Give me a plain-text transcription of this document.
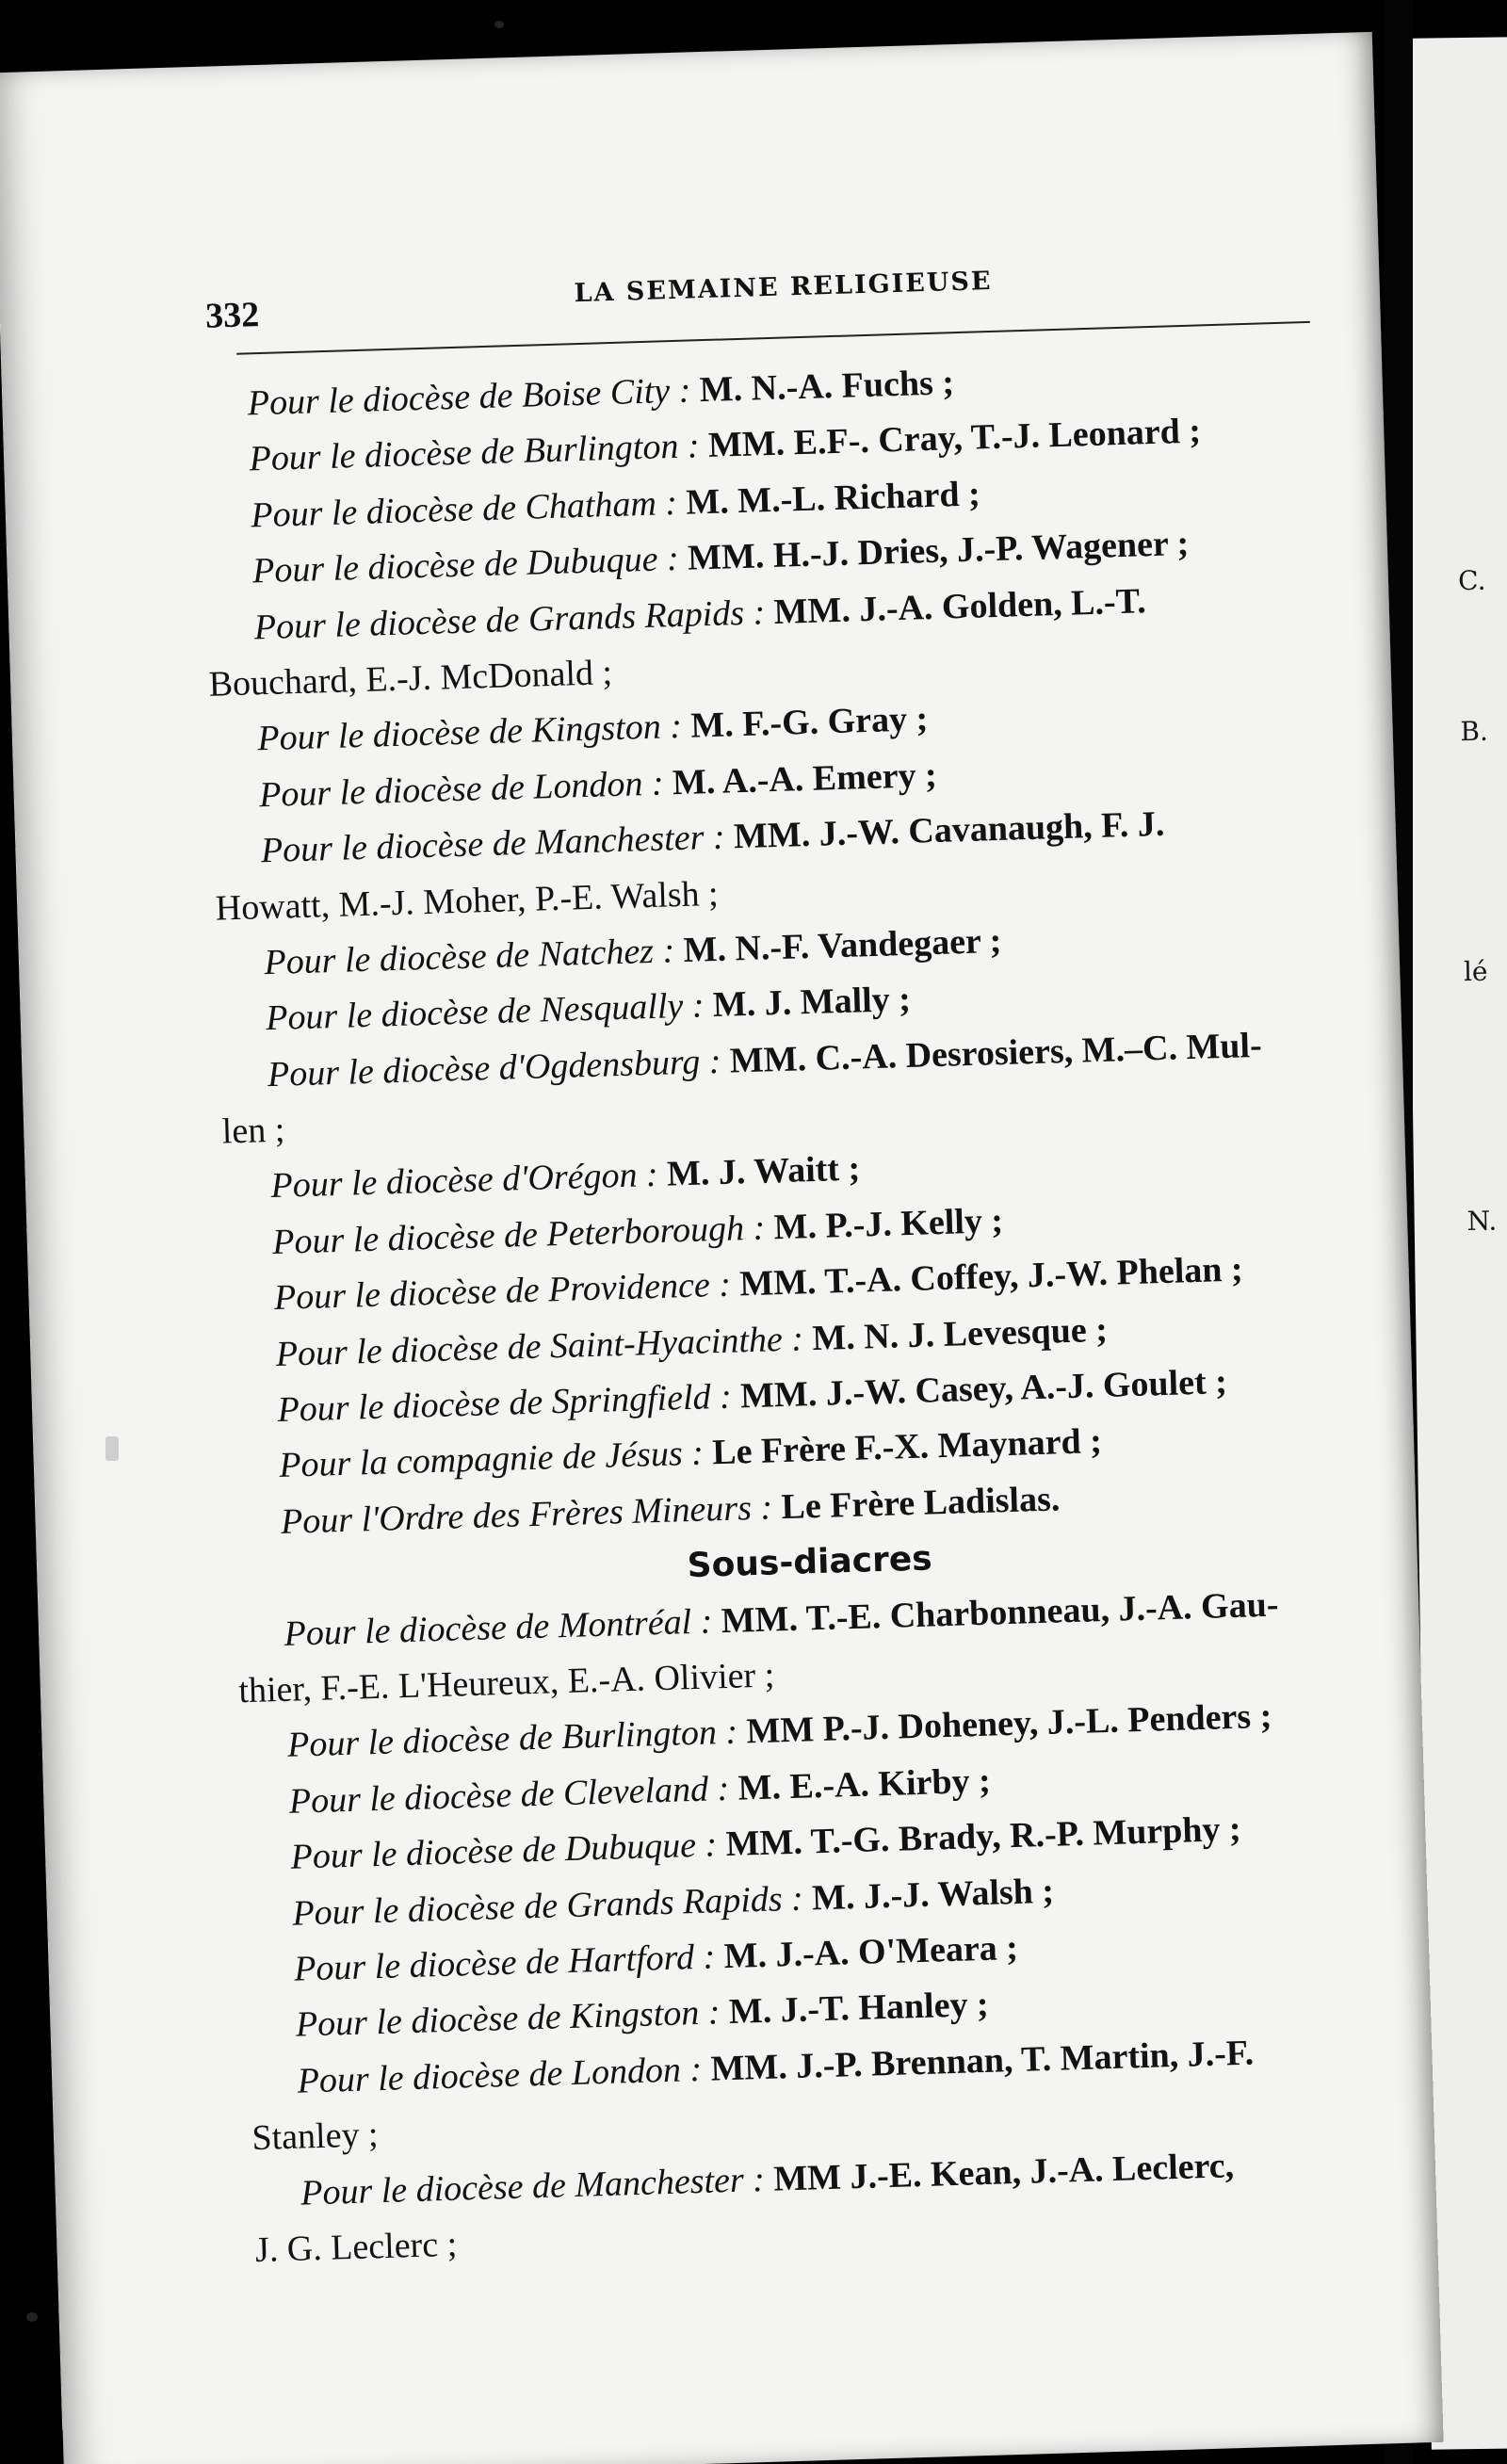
C.
B.
lé
N.
332
LA SEMAINE RELIGIEUSE
Pour le diocèse de Boise City : M. N.-A. Fuchs ;
Pour le diocèse de Burlington : MM. E.F-. Cray, T.-J. Leonard ;
Pour le diocèse de Chatham : M. M.-L. Richard ;
Pour le diocèse de Dubuque : MM. H.-J. Dries, J.-P. Wagener ;
Pour le diocèse de Grands Rapids : MM. J.-A. Golden, L.-T.
Bouchard, E.-J. McDonald ;
Pour le diocèse de Kingston : M. F.-G. Gray ;
Pour le diocèse de London : M. A.-A. Emery ;
Pour le diocèse de Manchester : MM. J.-W. Cavanaugh, F. J.
Howatt, M.-J. Moher, P.-E. Walsh ;
Pour le diocèse de Natchez : M. N.-F. Vandegaer ;
Pour le diocèse de Nesqually : M. J. Mally ;
Pour le diocèse d'Ogdensburg : MM. C.-A. Desrosiers, M.–C. Mul-
len ;
Pour le diocèse d'Orégon : M. J. Waitt ;
Pour le diocèse de Peterborough : M. P.-J. Kelly ;
Pour le diocèse de Providence : MM. T.-A. Coffey, J.-W. Phelan ;
Pour le diocèse de Saint-Hyacinthe : M. N. J. Levesque ;
Pour le diocèse de Springfield : MM. J.-W. Casey, A.-J. Goulet ;
Pour la compagnie de Jésus : Le Frère F.-X. Maynard ;
Pour l'Ordre des Frères Mineurs : Le Frère Ladislas.
Sous-diacres
Pour le diocèse de Montréal : MM. T.-E. Charbonneau, J.-A. Gau-
thier, F.-E. L'Heureux, E.-A. Olivier ;
Pour le diocèse de Burlington : MM P.-J. Doheney, J.-L. Penders ;
Pour le diocèse de Cleveland : M. E.-A. Kirby ;
Pour le diocèse de Dubuque : MM. T.-G. Brady, R.-P. Murphy ;
Pour le diocèse de Grands Rapids : M. J.-J. Walsh ;
Pour le diocèse de Hartford : M. J.-A. O'Meara ;
Pour le diocèse de Kingston : M. J.-T. Hanley ;
Pour le diocèse de London : MM. J.-P. Brennan, T. Martin, J.-F.
Stanley ;
Pour le diocèse de Manchester : MM J.-E. Kean, J.-A. Leclerc,
J. G. Leclerc ;
